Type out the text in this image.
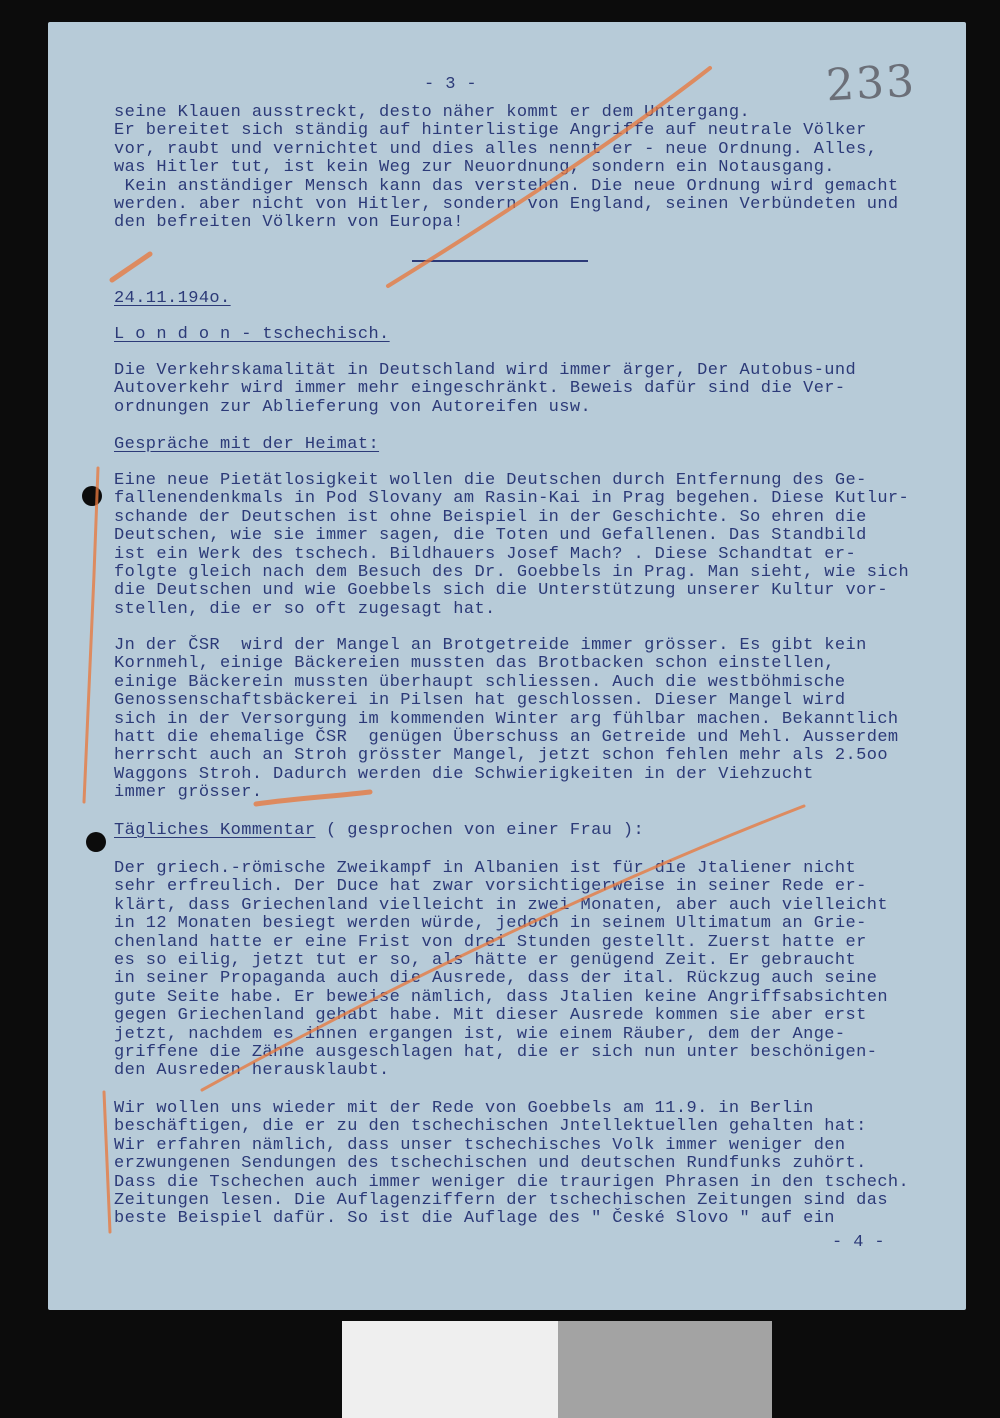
233
- 3 -
seine Klauen ausstreckt, desto näher kommt er dem Untergang.
Er bereitet sich ständig auf hinterlistige Angriffe auf neutrale Völker
vor, raubt und vernichtet und dies alles nennt er - neue Ordnung. Alles,
was Hitler tut, ist kein Weg zur Neuordnung, sondern ein Notausgang.
Kein anständiger Mensch kann das verstehen. Die neue Ordnung wird gemacht
werden. aber nicht von Hitler, sondern von England, seinen Verbündeten und
den befreiten Völkern von Europa!
24.11.194o.
L o n d o n - tschechisch.
Die Verkehrskamalität in Deutschland wird immer ärger, Der Autobus-und
Autoverkehr wird immer mehr eingeschränkt. Beweis dafür sind die Ver-
ordnungen zur Ablieferung von Autoreifen usw.
Gespräche mit der Heimat:
Eine neue Pietätlosigkeit wollen die Deutschen durch Entfernung des Ge-
fallenendenkmals in Pod Slovany am Rasin-Kai in Prag begehen. Diese Kutlur-
schande der Deutschen ist ohne Beispiel in der Geschichte. So ehren die
Deutschen, wie sie immer sagen, die Toten und Gefallenen. Das Standbild
ist ein Werk des tschech. Bildhauers Josef Mach? . Diese Schandtat er-
folgte gleich nach dem Besuch des Dr. Goebbels in Prag. Man sieht, wie sich
die Deutschen und wie Goebbels sich die Unterstützung unserer Kultur vor-
stellen, die er so oft zugesagt hat.
Jn der ČSR  wird der Mangel an Brotgetreide immer grösser. Es gibt kein
Kornmehl, einige Bäckereien mussten das Brotbacken schon einstellen,
einige Bäckerein mussten überhaupt schliessen. Auch die westböhmische
Genossenschaftsbäckerei in Pilsen hat geschlossen. Dieser Mangel wird
sich in der Versorgung im kommenden Winter arg fühlbar machen. Bekanntlich
hatt die ehemalige ČSR  genügen Überschuss an Getreide und Mehl. Ausserdem
herrscht auch an Stroh grösster Mangel, jetzt schon fehlen mehr als 2.5oo
Waggons Stroh. Dadurch werden die Schwierigkeiten in der Viehzucht
immer grösser.
Tägliches Kommentar ( gesprochen von einer Frau ):
Der griech.-römische Zweikampf in Albanien ist für die Jtaliener nicht
sehr erfreulich. Der Duce hat zwar vorsichtigerweise in seiner Rede er-
klärt, dass Griechenland vielleicht in zwei Monaten, aber auch vielleicht
in 12 Monaten besiegt werden würde, jedoch in seinem Ultimatum an Grie-
chenland hatte er eine Frist von drei Stunden gestellt. Zuerst hatte er
es so eilig, jetzt tut er so, als hätte er genügend Zeit. Er gebraucht
in seiner Propaganda auch die Ausrede, dass der ital. Rückzug auch seine
gute Seite habe. Er beweise nämlich, dass Jtalien keine Angriffsabsichten
gegen Griechenland gehabt habe. Mit dieser Ausrede kommen sie aber erst
jetzt, nachdem es ihnen ergangen ist, wie einem Räuber, dem der Ange-
griffene die Zähne ausgeschlagen hat, die er sich nun unter beschönigen-
den Ausreden herausklaubt.
Wir wollen uns wieder mit der Rede von Goebbels am 11.9. in Berlin
beschäftigen, die er zu den tschechischen Jntellektuellen gehalten hat:
Wir erfahren nämlich, dass unser tschechisches Volk immer weniger den
erzwungenen Sendungen des tschechischen und deutschen Rundfunks zuhört.
Dass die Tschechen auch immer weniger die traurigen Phrasen in den tschech.
Zeitungen lesen. Die Auflagenziffern der tschechischen Zeitungen sind das
beste Beispiel dafür. So ist die Auflage des " České Slovo " auf ein
- 4 -
